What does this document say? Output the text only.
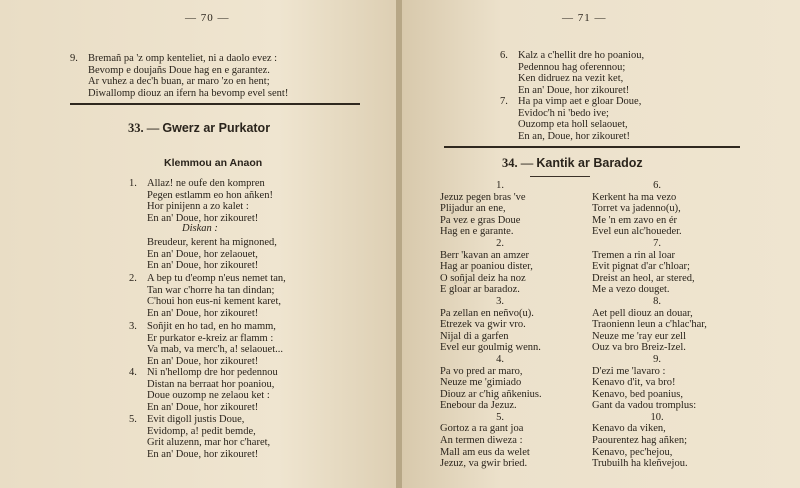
— 70 —
9. Bremañ pa 'z omp kenteliet, ni a daolo evez :
Bevomp e doujañs Doue hag en e garantez.
Ar vuhez a dec'h buan, ar maro 'zo en hent;
Diwallomp diouz an ifern ha bevomp evel sent!
33. — Gwerz ar Purkator
Klemmou an Anaon
1. Allaz! ne oufe den kompren
Pegen estlamm eo hon añken!
Hor pinijenn a zo kalet :
En an' Doue, hor zikouret!
Diskan :
Breudeur, kerent ha mignoned,
En an' Doue, hor zelaouet,
En an' Doue, hor zikouret!
2. A bep tu d'eomp n'eus nemet tan,
Tan war c'horre ha tan dindan;
C'houi hon eus-ni kement karet,
En an' Doue, hor zikouret!
3. Soñjit en ho tad, en ho mamm,
Er purkator e-kreiz ar flamm :
Va mab, va merc'h, a! selaouet...
En an' Doue, hor zikouret!
4. Ni n'hellomp dre hor pedennou
Distan na berraat hor poaniou,
Doue ouzomp ne zelaou ket :
En an' Doue, hor zikouret!
5. Evit digoll justis Doue,
Evidomp, a! pedit bemde,
Grit aluzenn, mar hor c'haret,
En an' Doue, hor zikouret!
— 71 —
6. Kalz a c'hellit dre ho poaniou,
Pedennou hag oferennou;
Ken didruez na vezit ket,
En an' Doue, hor zikouret!
7. Ha pa vimp aet e gloar Doue,
Evidoc'h ni 'bedo ive;
Ouzomp eta holl selaouet,
En an, Doue, hor zikouret!
34. — Kantik ar Baradoz
1.
Jezuz pegen bras 've
Plijadur an ene,
Pa vez e gras Doue
Hag en e garante.
2.
Berr 'kavan an amzer
Hag ar poaniou dister,
O soñjal deiz ha noz
E gloar ar baradoz.
3.
Pa zellan en neñvo(u).
Etrezek va gwir vro.
Nijal di a garfen
Evel eur goulmig wenn.
4.
Pa vo pred ar maro,
Neuze me 'gimiado
Diouz ar c'hig añkenius.
Enebour da Jezuz.
5.
Gortoz a ra gant joa
An termen diweza :
Mall am eus da welet
Jezuz, va gwir bried.
6.
Kerkent ha ma vezo
Torret va jadenno(u),
Me 'n em zavo en ér
Evel eun alc'houeder.
7.
Tremen a rin al loar
Evit pignat d'ar c'hloar;
Dreist an heol, ar stered,
Me a vezo douget.
8.
Aet pell diouz an douar,
Traonienn leun a c'hlac'har,
Neuze me 'ray eur zell
Ouz va bro Breiz-Izel.
9.
D'ezi me 'lavaro :
Kenavo d'it, va bro!
Kenavo, bed poanius,
Gant da vadou tromplus:
10.
Kenavo da viken,
Paourentez hag añken;
Kenavo, pec'hejou,
Trubuilh ha kleñvejou.
